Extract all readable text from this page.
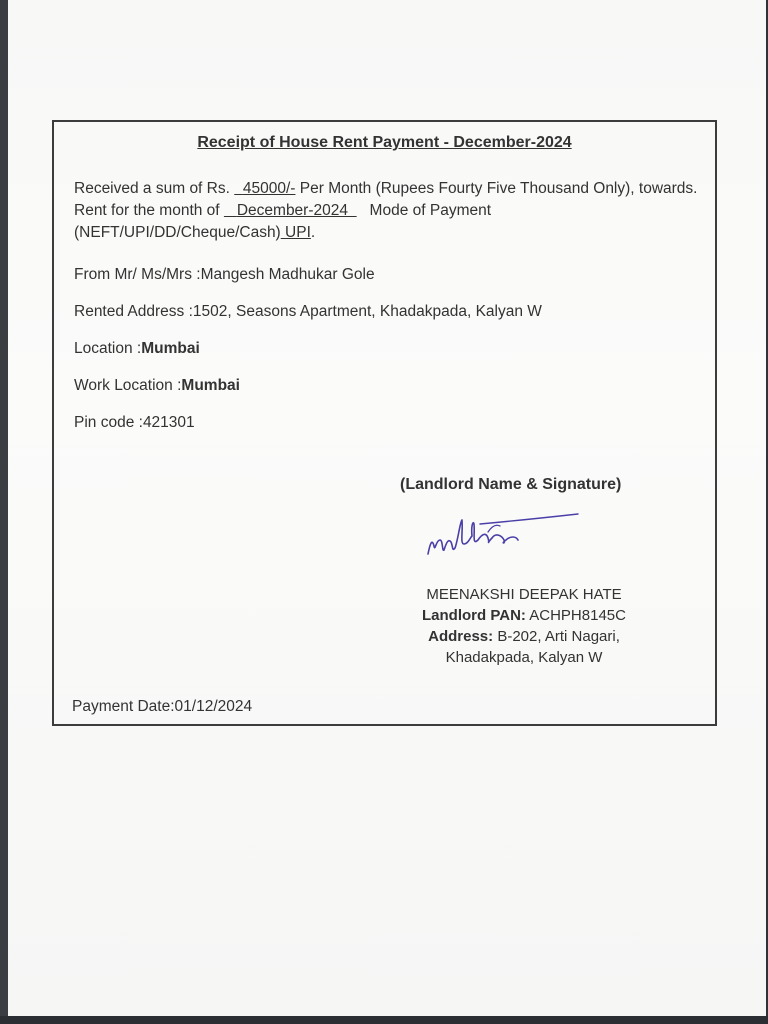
Receipt of House Rent Payment - December-2024
Received a sum of Rs. 45000/- Per Month (Rupees Fourty Five Thousand Only), towards. Rent for the month of December-2024 Mode of Payment (NEFT/UPI/DD/Cheque/Cash) UPI.
From Mr/ Ms/Mrs :Mangesh Madhukar Gole
Rented Address :1502, Seasons Apartment, Khadakpada, Kalyan W
Location :Mumbai
Work Location :Mumbai
Pin code :421301
(Landlord Name & Signature)
MEENAKSHI DEEPAK HATE
Landlord PAN: ACHPH8145C
Address: B-202, Arti Nagari,
Khadakpada, Kalyan W
Payment Date:01/12/2024
